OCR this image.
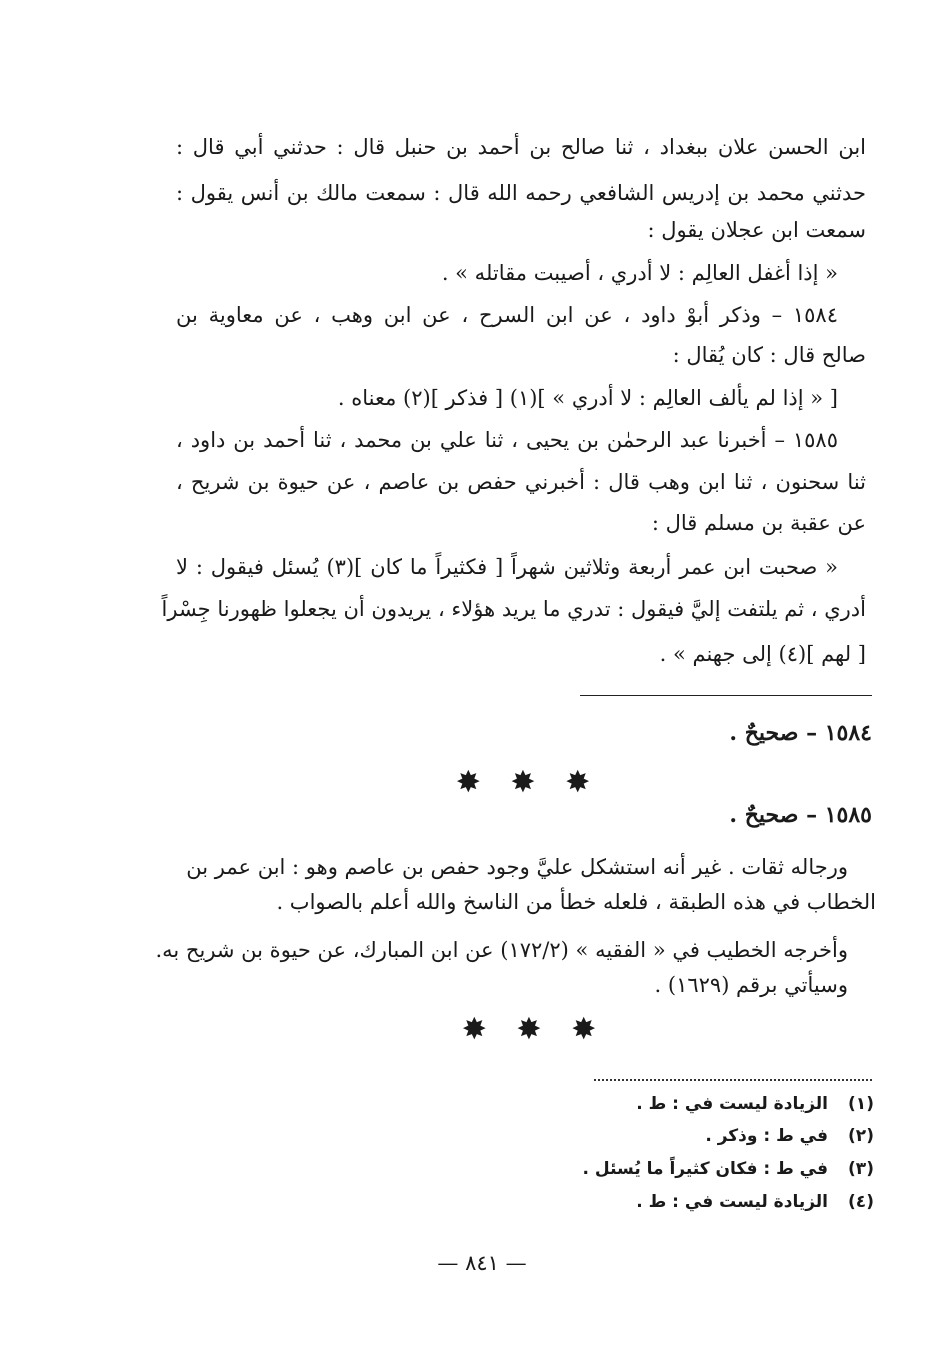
ابن الحسن علان ببغداد ، ثنا صالح بن أحمد بن حنبل قال : حدثني أبي قال :
حدثني محمد بن إدريس الشافعي رحمه الله قال : سمعت مالك بن أنس يقول :
سمعت ابن عجلان يقول :
« إذا أغفل العالِم : لا أدري ، أصيبت مقاتله » .
١٥٨٤ – وذكر أبوْ داود ، عن ابن السرح ، عن ابن وهب ، عن معاوية بن
صالح قال : كان يُقال :
[ « إذا لم يألف العالِم : لا أدري » ](١) [ فذكر ](٢) معناه .
١٥٨٥ – أخبرنا عبد الرحمٰن بن يحيى ، ثنا علي بن محمد ، ثنا أحمد بن داود ،
ثنا سحنون ، ثنا ابن وهب قال : أخبرني حفص بن عاصم ، عن حيوة بن شريح ،
عن عقبة بن مسلم قال :
« صحبت ابن عمر أربعة وثلاثين شهراً [ فكثيراً ما كان ](٣) يُسئل فيقول : لا
أدري ، ثم يلتفت إليَّ فيقول : تدري ما يريد هؤلاء ، يريدون أن يجعلوا ظهورنا جِسْراً
[ لهم ](٤) إلى جهنم » .
١٥٨٤ – صحيحٌ .
✸ ✸ ✸
١٥٨٥ – صحيحٌ .
ورجاله ثقات . غير أنه استشكل عليَّ وجود حفص بن عاصم وهو : ابن عمر بن
الخطاب في هذه الطبقة ، فلعله خطأ من الناسخ والله أعلم بالصواب .
وأخرجه الخطيب في « الفقيه » (١٧٢/٢) عن ابن المبارك، عن حيوة بن شريح به.
وسيأتي برقم (١٦٢٩) .
✸ ✸ ✸
(١)الزيادة ليست في : ط .
(٢)في ط : وذكر .
(٣)في ط : فكان كثيراً ما يُسئل .
(٤)الزيادة ليست في : ط .
— ٨٤١ —
